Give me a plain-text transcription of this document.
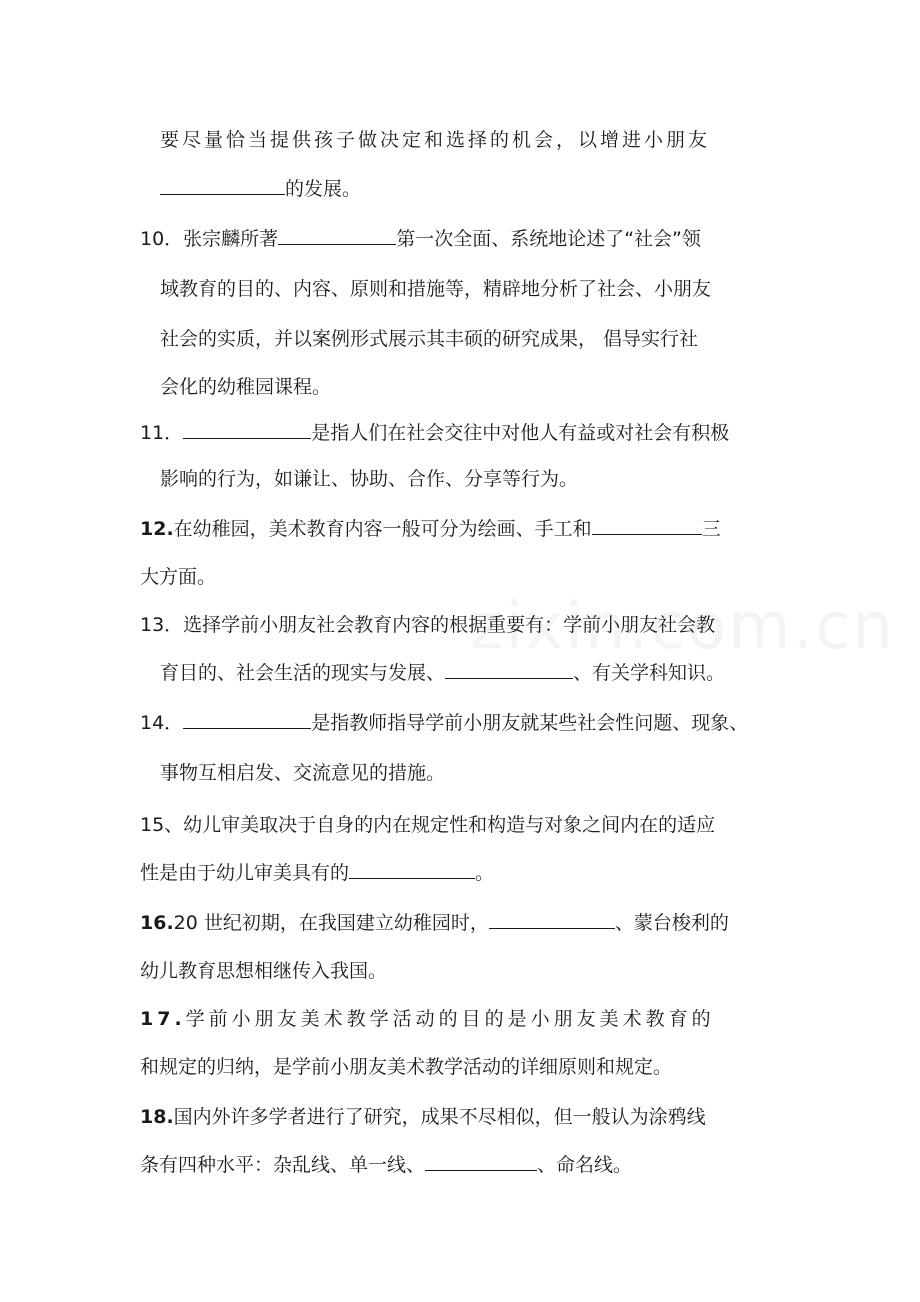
要尽量恰当提供孩子做决定和选择的机会，以增进小朋友
的发展。
10．张宗麟所著	第一次全面、系统地论述了“社会”领
域教育的目的、内容、原则和措施等，精辟地分析了社会、小朋友
社会的实质，并以案例形式展示其丰硕的研究成果， 倡导实行社
会化的幼稚园课程。
11．	是指人们在社会交往中对他人有益或对社会有积极
影响的行为，如谦让、协助、合作、分享等行为。
12. 在幼稚园，美术教育内容一般可分为绘画、手工和	三
大方面。
13．选择学前小朋友社会教育内容的根据重要有：学前小朋友社会教
育目的、社会生活的现实与发展、	、有关学科知识。
14．	是指教师指导学前小朋友就某些社会性问题、现象、
事物互相启发、交流意见的措施。
15、幼儿审美取决于自身的内在规定性和构造与对象之间内在的适应
性是由于幼儿审美具有的	。
16. 20 世纪初期，在我国建立幼稚园时，	、蒙台梭利的
幼儿教育思想相继传入我国。
17. 学前小朋友美术教学活动的目的是小朋友美术教育的
和规定的归纳，是学前小朋友美术教学活动的详细原则和规定。
18. 国内外许多学者进行了研究，成果不尽相似，但一般认为涂鸦线
条有四种水平：杂乱线、单一线、	、命名线。
